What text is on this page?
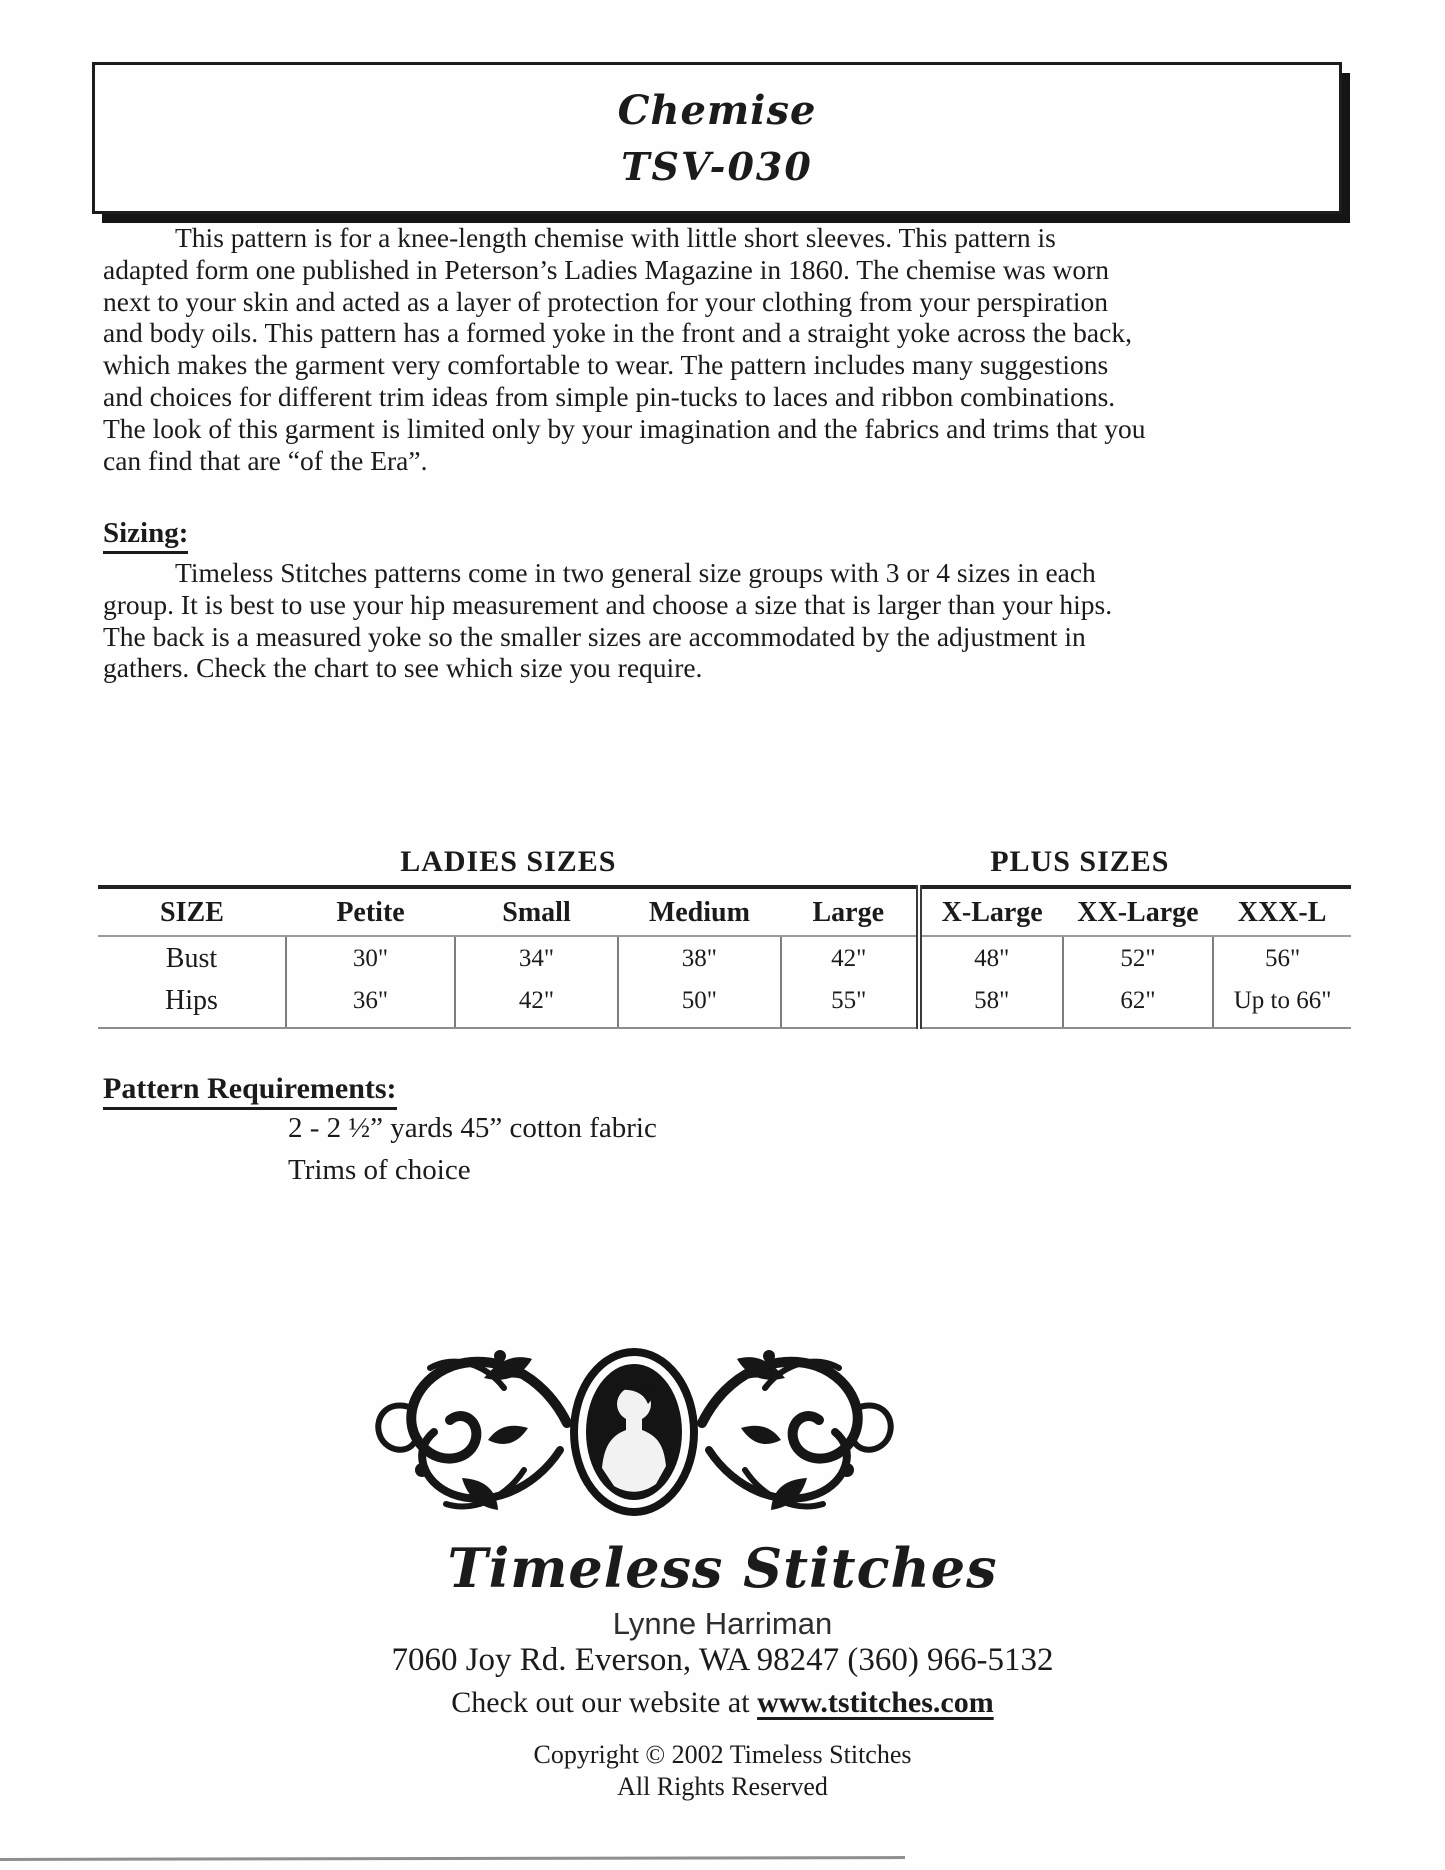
Chemise
TSV-030

This pattern is for a knee-length chemise with little short sleeves. This pattern is adapted form one published in Peterson’s Ladies Magazine in 1860. The chemise was worn next to your skin and acted as a layer of protection for your clothing from your perspiration and body oils. This pattern has a formed yoke in the front and a straight yoke across the back, which makes the garment very comfortable to wear. The pattern includes many suggestions and choices for different trim ideas from simple pin-tucks to laces and ribbon combinations. The look of this garment is limited only by your imagination and the fabrics and trims that you can find that are “of the Era”.

Sizing:

Timeless Stitches patterns come in two general size groups with 3 or 4 sizes in each group. It is best to use your hip measurement and choose a size that is larger than your hips. The back is a measured yoke so the smaller sizes are accommodated by the adjustment in gathers. Check the chart to see which size you require.

LADIES SIZES					PLUS SIZES		
SIZE	Petite	Small	Medium	Large	X-Large	XX-Large	XXX-L
Bust	30"	34"	38"	42"	48"	52"	56"
Hips	36"	42"	50"	55"	58"	62"	Up to 66"
Pattern Requirements:
2 - 2 ½” yards 45” cotton fabric
Trims of choice
Timeless Stitches
Lynne Harriman
7060 Joy Rd. Everson, WA 98247 (360) 966-5132
Check out our website at www.tstitches.com
Copyright © 2002 Timeless Stitches
All Rights Reserved
